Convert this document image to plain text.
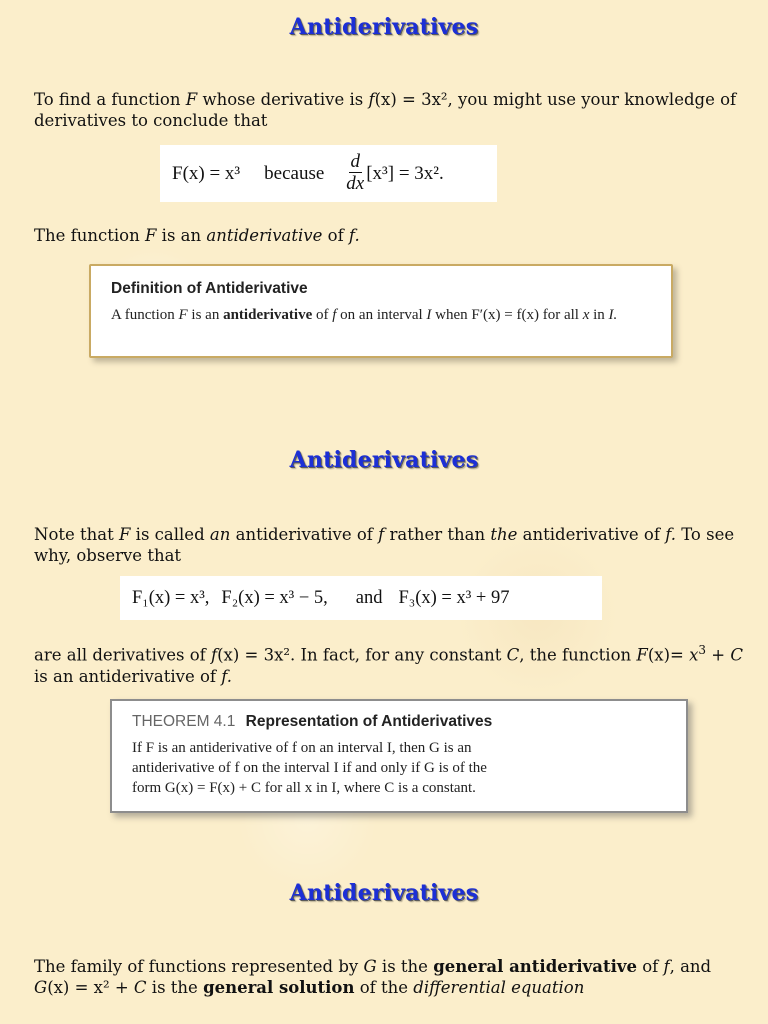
Antiderivatives
To find a function F whose derivative is f(x) = 3x², you might use your knowledge of derivatives to conclude that
F(x) = x³ because $\frac{d}{dx} [x^3] = 3x^2$.
The function F is an antiderivative of f.
Definition of Antiderivative
A function F is an antiderivative of f on an interval I when F′(x) = f(x) for all x in I.
Antiderivatives
Note that F is called an antiderivative of f rather than the antiderivative of f. To see why, observe that
F₁(x) = x³, F₂(x) = x³ − 5, and F₃(x) = x³ + 97
are all derivatives of f(x) = 3x². In fact, for any constant C, the function $F(x)= x^3 + C$ is an antiderivative of f.
THEOREM 4.1 Representation of Antiderivatives
If F is an antiderivative of f on an interval I, then G is an
antiderivative of f on the interval I if and only if G is of the
form G(x) = F(x) + C for all x in I, where C is a constant.
Antiderivatives
The family of functions represented by G is the general antiderivative of f, and G(x) = x² + C is the general solution of the differential equation
